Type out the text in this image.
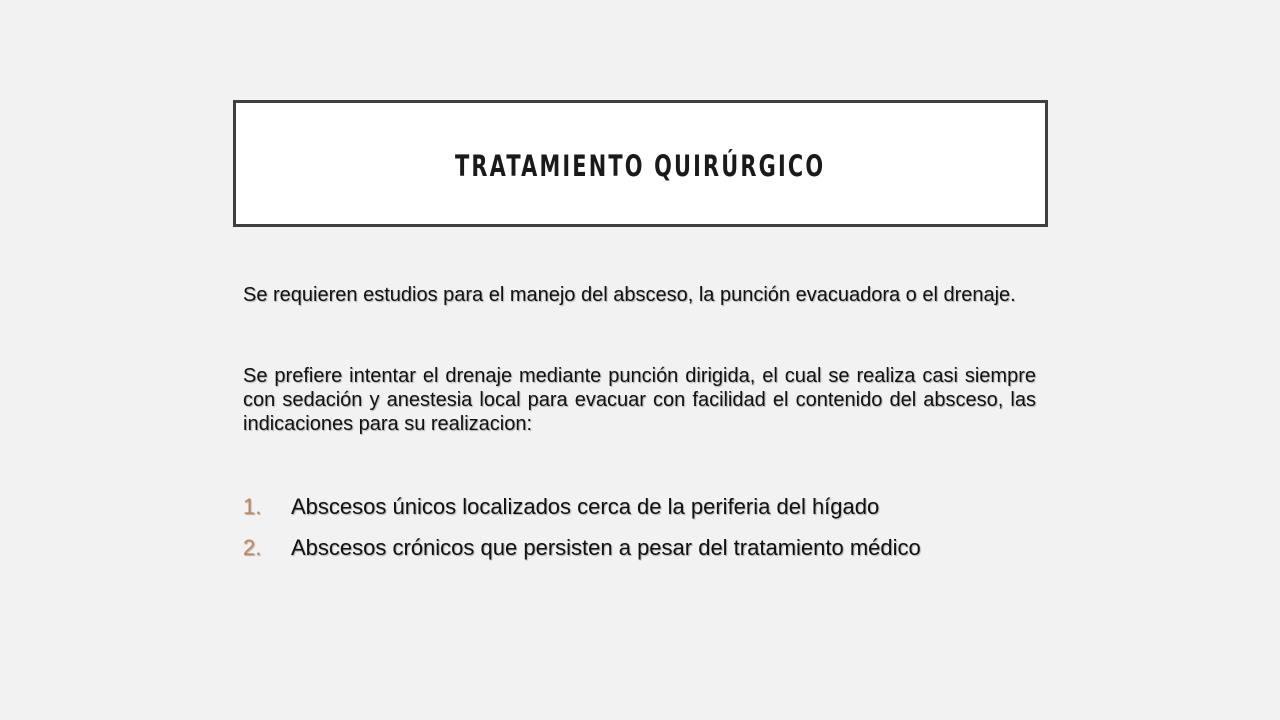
TRATAMIENTO QUIRÚRGICO

Se requieren estudios para el manejo del absceso, la punción evacuadora o el drenaje.

Se prefiere intentar el drenaje mediante punción dirigida, el cual se realiza casi siempre con sedación y anestesia local para evacuar con facilidad el contenido del absceso, las indicaciones para su realizacion:

1.	Abscesos únicos localizados cerca de la periferia del hígado
2.	Abscesos crónicos que persisten a pesar del tratamiento médico
